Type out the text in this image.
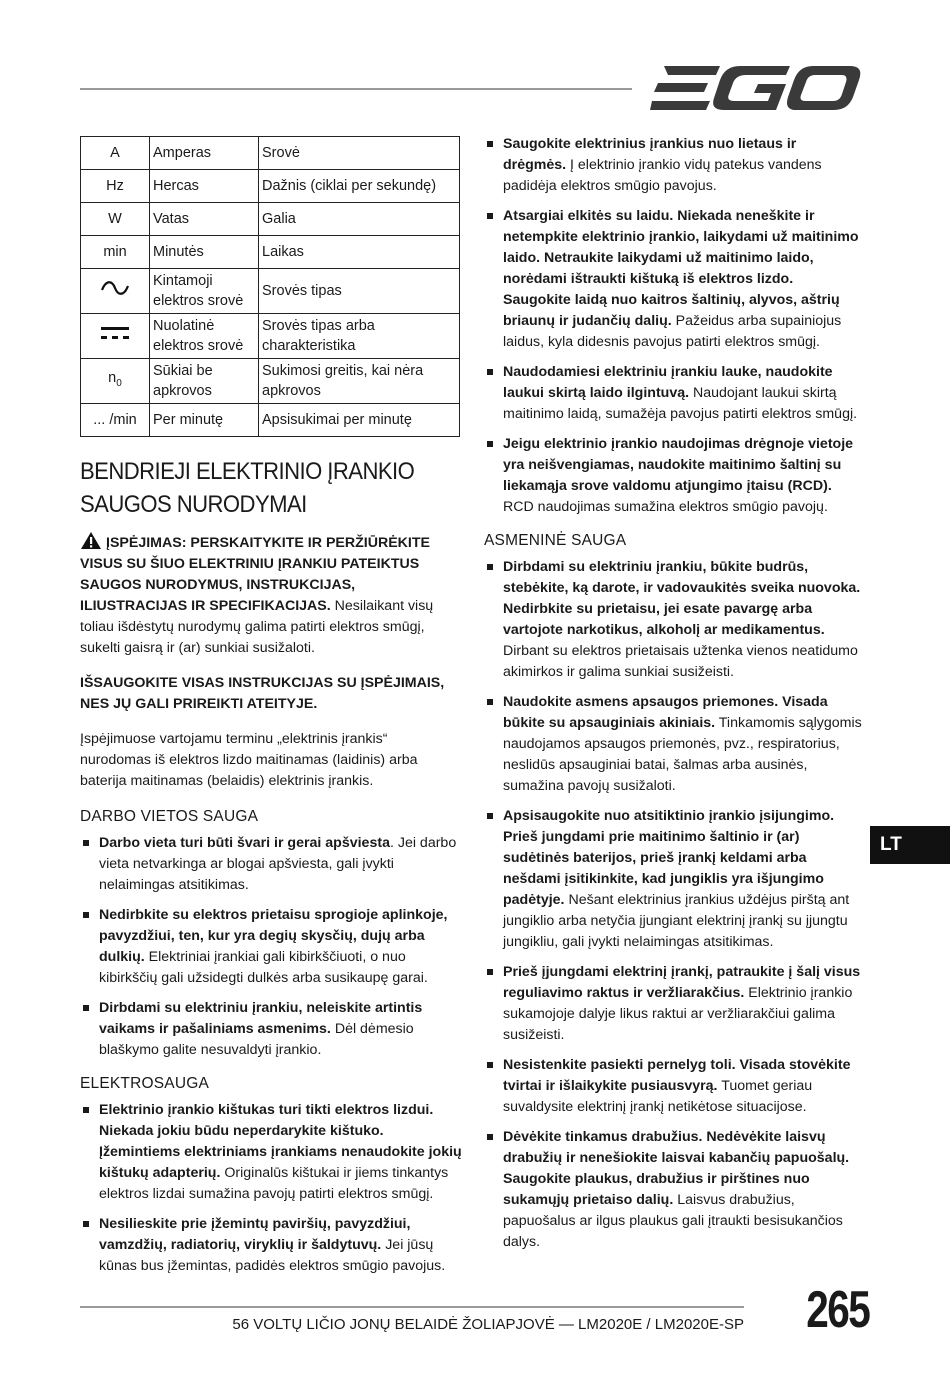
A	Amperas	Srovė
Hz	Hercas	Dažnis (ciklai per sekundę)
W	Vatas	Galia
min	Minutės	Laikas
	Kintamoji elektros srovė	Srovės tipas
	Nuolatinė elektros srovė	Srovės tipas arba charakteristika
$n_0$	Sūkiai be apkrovos	Sukimosi greitis, kai nėra apkrovos
... /min	Per minutę	Apsisukimai per minutę
BENDRIEJI ELEKTRINIO ĮRANKIO SAUGOS NURODYMAI

ĮSPĖJIMAS: PERSKAITYKITE IR PERŽIŪRĖKITE VISUS SU ŠIUO ELEKTRINIU ĮRANKIU PATEIKTUS SAUGOS NURODYMUS, INSTRUKCIJAS, ILIUSTRACIJAS IR SPECIFIKACIJAS. Nesilaikant visų toliau išdėstytų nurodymų galima patirti elektros smūgį, sukelti gaisrą ir (ar) sunkiai susižaloti.

IŠSAUGOKITE VISAS INSTRUKCIJAS SU ĮSPĖJIMAIS, NES JŲ GALI PRIREIKTI ATEITYJE.

Įspėjimuose vartojamu terminu „elektrinis įrankis“ nurodomas iš elektros lizdo maitinamas (laidinis) arba baterija maitinamas (belaidis) elektrinis įrankis.

DARBO VIETOS SAUGA
Darbo vieta turi būti švari ir gerai apšviesta. Jei darbo vieta netvarkinga ar blogai apšviesta, gali įvykti nelaimingas atsitikimas.
Nedirbkite su elektros prietaisu sprogioje aplinkoje, pavyzdžiui, ten, kur yra degių skysčių, dujų arba dulkių. Elektriniai įrankiai gali kibirkščiuoti, o nuo kibirkščių gali užsidegti dulkės arba susikaupę garai.
Dirbdami su elektriniu įrankiu, neleiskite artintis vaikams ir pašaliniams asmenims. Dėl dėmesio blaškymo galite nesuvaldyti įrankio.
ELEKTROSAUGA
Elektrinio įrankio kištukas turi tikti elektros lizdui. Niekada jokiu būdu neperdarykite kištuko. Įžemintiems elektriniams įrankiams nenaudokite jokių kištukų adapterių. Originalūs kištukai ir jiems tinkantys elektros lizdai sumažina pavojų patirti elektros smūgį.
Nesilieskite prie įžemintų paviršių, pavyzdžiui, vamzdžių, radiatorių, viryklių ir šaldytuvų. Jei jūsų kūnas bus įžemintas, padidės elektros smūgio pavojus.
Saugokite elektrinius įrankius nuo lietaus ir drėgmės. Į elektrinio įrankio vidų patekus vandens padidėja elektros smūgio pavojus.
Atsargiai elkitės su laidu. Niekada neneškite ir netempkite elektrinio įrankio, laikydami už maitinimo laido. Netraukite laikydami už maitinimo laido, norėdami ištraukti kištuką iš elektros lizdo. Saugokite laidą nuo kaitros šaltinių, alyvos, aštrių briaunų ir judančių dalių. Pažeidus arba supainiojus laidus, kyla didesnis pavojus patirti elektros smūgį.
Naudodamiesi elektriniu įrankiu lauke, naudokite laukui skirtą laido ilgintuvą. Naudojant laukui skirtą maitinimo laidą, sumažėja pavojus patirti elektros smūgį.
Jeigu elektrinio įrankio naudojimas drėgnoje vietoje yra neišvengiamas, naudokite maitinimo šaltinį su liekamąja srove valdomu atjungimo įtaisu (RCD). RCD naudojimas sumažina elektros smūgio pavojų.
ASMENINĖ SAUGA
Dirbdami su elektriniu įrankiu, būkite budrūs, stebėkite, ką darote, ir vadovaukitės sveika nuovoka. Nedirbkite su prietaisu, jei esate pavargę arba vartojote narkotikus, alkoholį ar medikamentus. Dirbant su elektros prietaisais užtenka vienos neatidumo akimirkos ir galima sunkiai susižeisti.
Naudokite asmens apsaugos priemones. Visada būkite su apsauginiais akiniais. Tinkamomis sąlygomis naudojamos apsaugos priemonės, pvz., respiratorius, neslidūs apsauginiai batai, šalmas arba ausinės, sumažina pavojų susižaloti.
Apsisaugokite nuo atsitiktinio įrankio įsijungimo. Prieš jungdami prie maitinimo šaltinio ir (ar) sudėtinės baterijos, prieš įrankį keldami arba nešdami įsitikinkite, kad jungiklis yra išjungimo padėtyje. Nešant elektrinius įrankius uždėjus pirštą ant jungiklio arba netyčia įjungiant elektrinį įrankį su įjungtu jungikliu, gali įvykti nelaimingas atsitikimas.
Prieš įjungdami elektrinį įrankį, patraukite į šalį visus reguliavimo raktus ir veržliarakčius. Elektrinio įrankio sukamojoje dalyje likus raktui ar veržliarakčiui galima susižeisti.
Nesistenkite pasiekti pernelyg toli. Visada stovėkite tvirtai ir išlaikykite pusiausvyrą. Tuomet geriau suvaldysite elektrinį įrankį netikėtose situacijose.
Dėvėkite tinkamus drabužius. Nedėvėkite laisvų drabužių ir nenešiokite laisvai kabančių papuošalų. Saugokite plaukus, drabužius ir pirštines nuo sukamųjų prietaiso dalių. Laisvus drabužius, papuošalus ar ilgus plaukus gali įtraukti besisukančios dalys.
LT
56 VOLTŲ LIČIO JONŲ BELAIDĖ ŽOLIAPJOVĖ — LM2020E / LM2020E-SP 265
